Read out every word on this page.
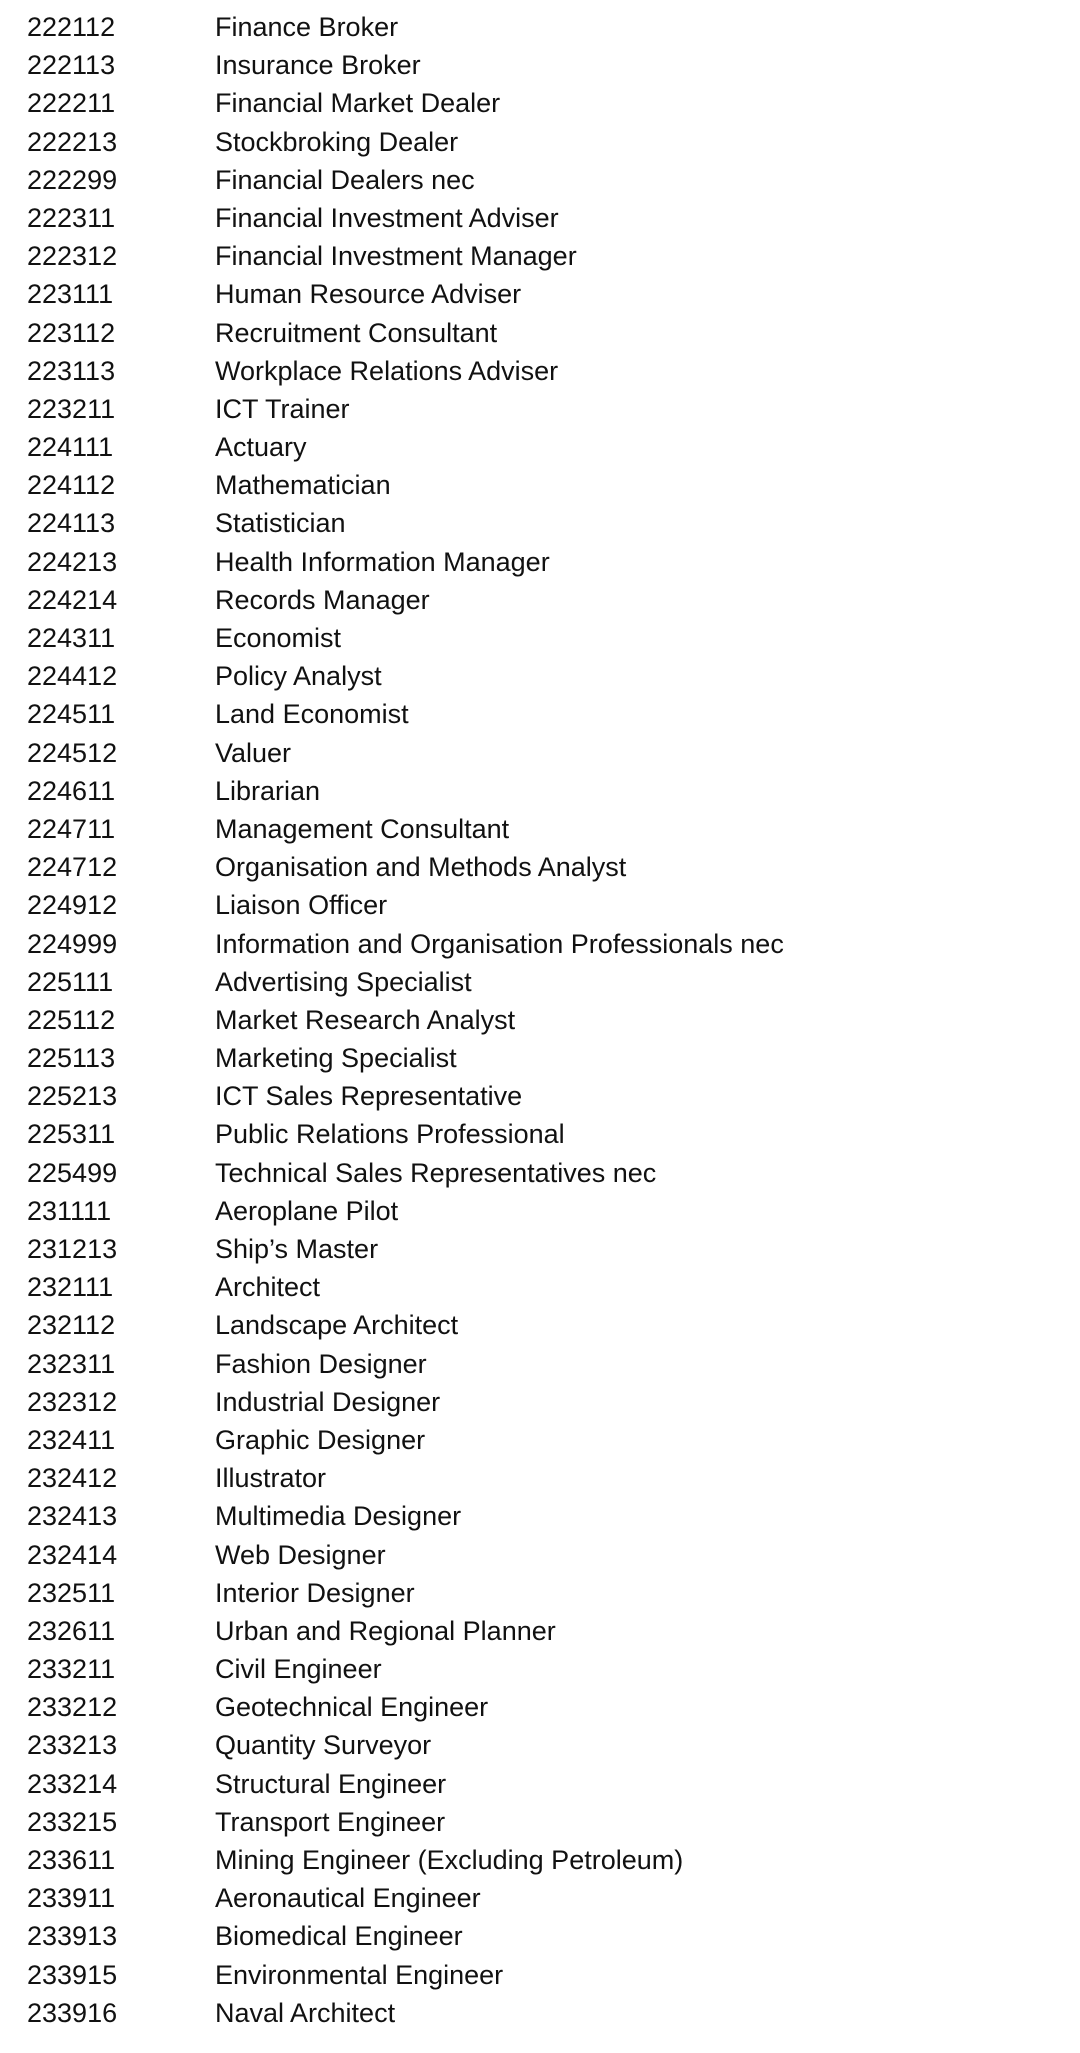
222112	Finance Broker
222113	Insurance Broker
222211	Financial Market Dealer
222213	Stockbroking Dealer
222299	Financial Dealers nec
222311	Financial Investment Adviser
222312	Financial Investment Manager
223111	Human Resource Adviser
223112	Recruitment Consultant
223113	Workplace Relations Adviser
223211	ICT Trainer
224111	Actuary
224112	Mathematician
224113	Statistician
224213	Health Information Manager
224214	Records Manager
224311	Economist
224412	Policy Analyst
224511	Land Economist
224512	Valuer
224611	Librarian
224711	Management Consultant
224712	Organisation and Methods Analyst
224912	Liaison Officer
224999	Information and Organisation Professionals nec
225111	Advertising Specialist
225112	Market Research Analyst
225113	Marketing Specialist
225213	ICT Sales Representative
225311	Public Relations Professional
225499	Technical Sales Representatives nec
231111	Aeroplane Pilot
231213	Ship’s Master
232111	Architect
232112	Landscape Architect
232311	Fashion Designer
232312	Industrial Designer
232411	Graphic Designer
232412	Illustrator
232413	Multimedia Designer
232414	Web Designer
232511	Interior Designer
232611	Urban and Regional Planner
233211	Civil Engineer
233212	Geotechnical Engineer
233213	Quantity Surveyor
233214	Structural Engineer
233215	Transport Engineer
233611	Mining Engineer (Excluding Petroleum)
233911	Aeronautical Engineer
233913	Biomedical Engineer
233915	Environmental Engineer
233916	Naval Architect
